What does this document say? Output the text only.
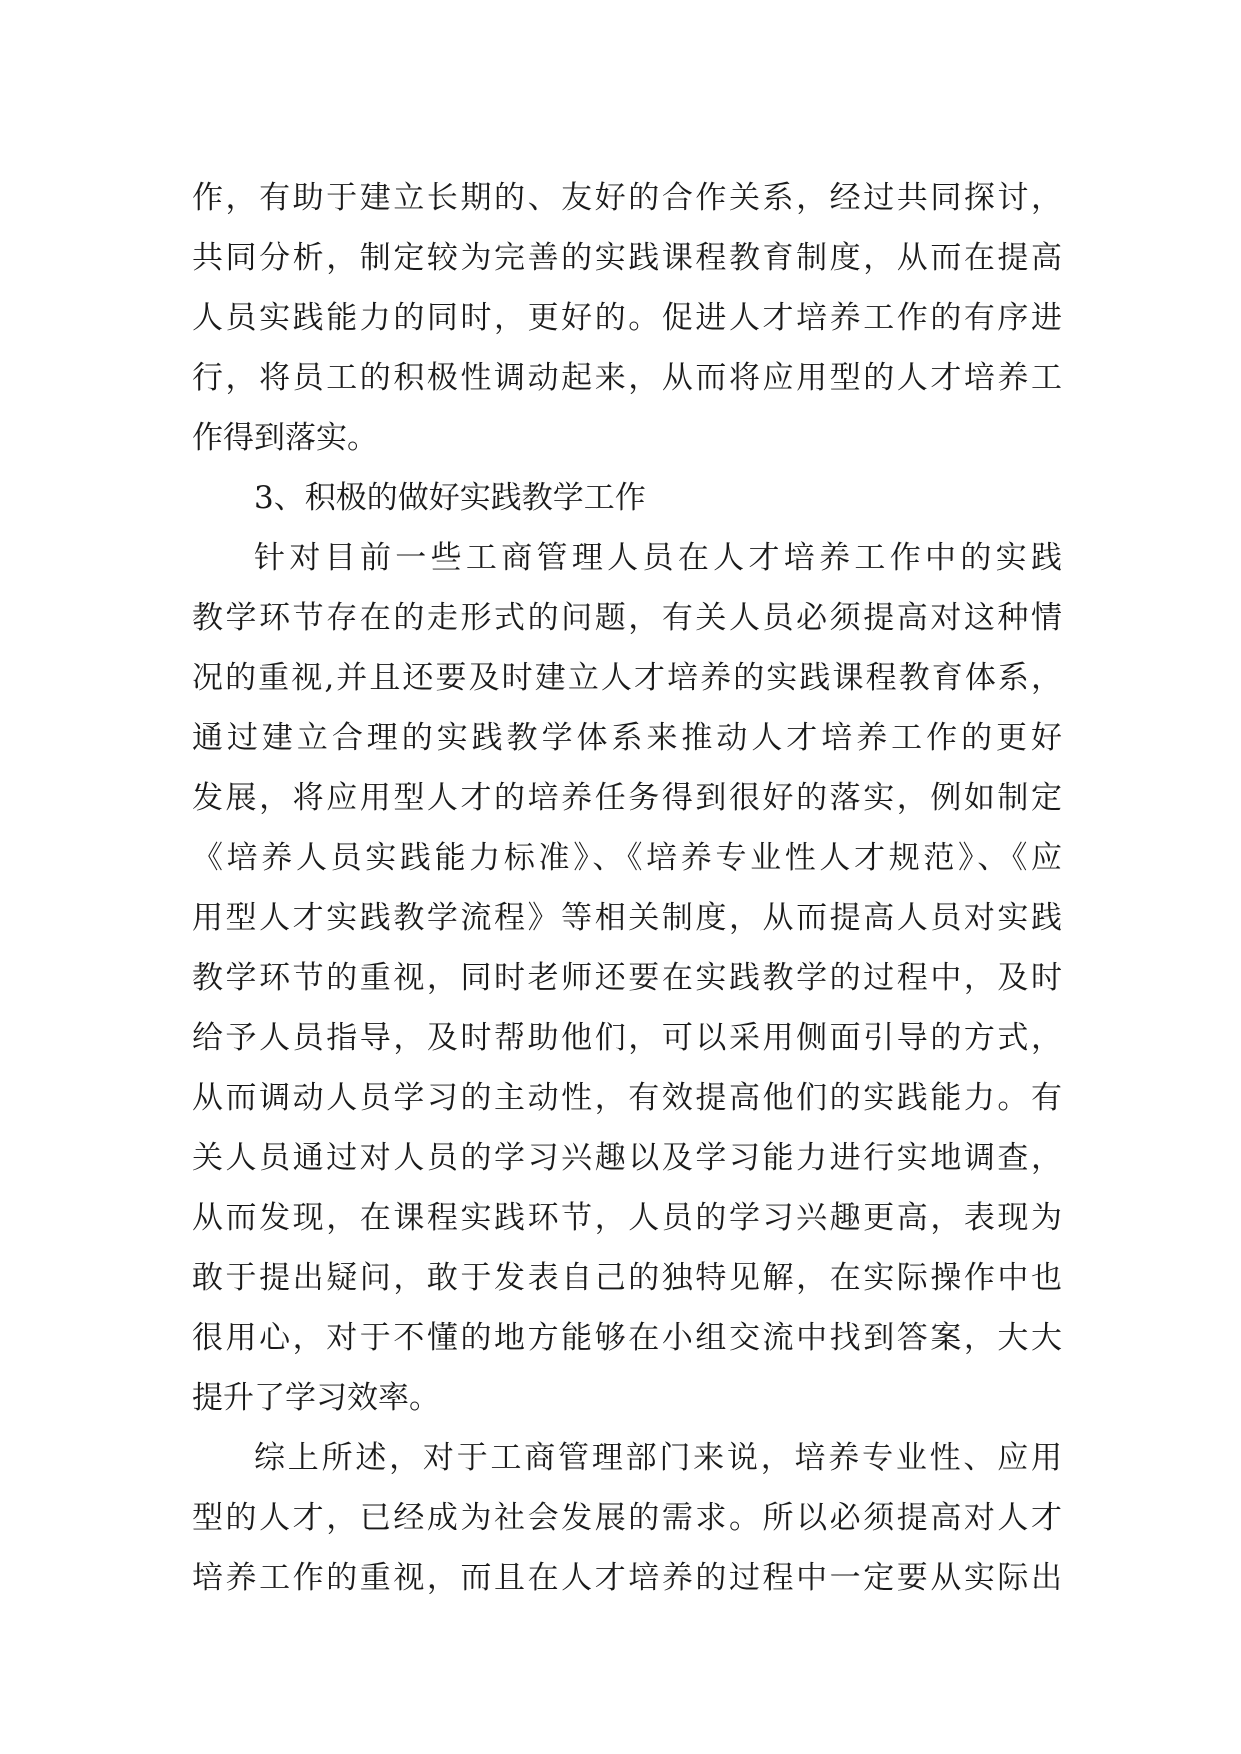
作，有助于建立长期的、友好的合作关系，经过共同探讨，
共同分析，制定较为完善的实践课程教育制度，从而在提高
人员实践能力的同时，更好的。促进人才培养工作的有序进
行，将员工的积极性调动起来，从而将应用型的人才培养工
作得到落实。
3、积极的做好实践教学工作
针对目前一些工商管理人员在人才培养工作中的实践
教学环节存在的走形式的问题，有关人员必须提高对这种情
况的重视,并且还要及时建立人才培养的实践课程教育体系，
通过建立合理的实践教学体系来推动人才培养工作的更好
发展，将应用型人才的培养任务得到很好的落实，例如制定
《培养人员实践能力标准》、《培养专业性人才规范》、《应
用型人才实践教学流程》等相关制度，从而提高人员对实践
教学环节的重视，同时老师还要在实践教学的过程中，及时
给予人员指导，及时帮助他们，可以采用侧面引导的方式，
从而调动人员学习的主动性，有效提高他们的实践能力。有
关人员通过对人员的学习兴趣以及学习能力进行实地调查，
从而发现，在课程实践环节，人员的学习兴趣更高，表现为
敢于提出疑问，敢于发表自己的独特见解，在实际操作中也
很用心，对于不懂的地方能够在小组交流中找到答案，大大
提升了学习效率。
综上所述，对于工商管理部门来说，培养专业性、应用
型的人才，已经成为社会发展的需求。所以必须提高对人才
培养工作的重视，而且在人才培养的过程中一定要从实际出
